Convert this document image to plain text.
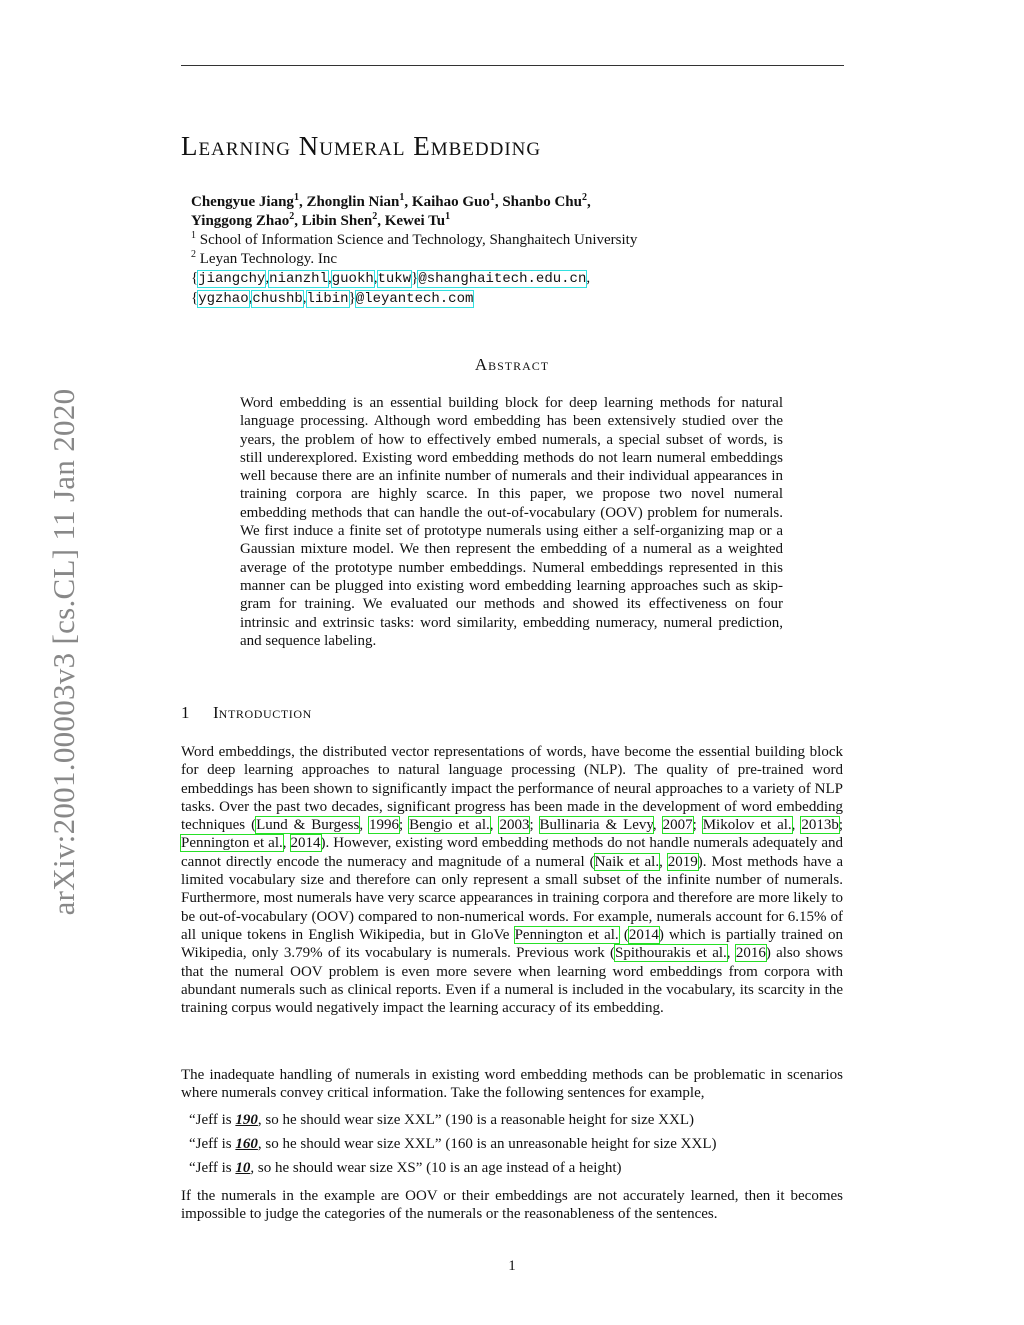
arXiv:2001.00003v3 [cs.CL] 11 Jan 2020
Learning Numeral Embedding
Chengyue Jiang$^1$, Zhonglin Nian$^1$, Kaihao Guo$^1$, Shanbo Chu$^2$,
Yinggong Zhao$^2$, Libin Shen$^2$, Kewei Tu$^1$
$^1$ School of Information Science and Technology, Shanghaitech University
$^2$ Leyan Technology. Inc
{jiangchy,nianzhl,guokh,tukw}@shanghaitech.edu.cn,
{ygzhao,chushb,libin}@leyantech.com
Abstract

Word embedding is an essential building block for deep learning methods for natural language processing. Although word embedding has been extensively studied over the years, the problem of how to effectively embed numerals, a special subset of words, is still underexplored. Existing word embedding methods do not learn numeral embeddings well because there are an infinite number of numerals and their individual appearances in training corpora are highly scarce. In this paper, we propose two novel numeral embedding methods that can handle the out-of-vocabulary (OOV) problem for numerals. We first induce a finite set of prototype numerals using either a self-organizing map or a Gaussian mixture model. We then represent the embedding of a numeral as a weighted average of the prototype number embeddings. Numeral embeddings represented in this manner can be plugged into existing word embedding learning approaches such as skip-gram for training. We evaluated our methods and showed its effectiveness on four intrinsic and extrinsic tasks: word similarity, embedding numeracy, numeral prediction, and sequence labeling.

1 Introduction

Word embeddings, the distributed vector representations of words, have become the essential building block for deep learning approaches to natural language processing (NLP). The quality of pre-trained word embeddings has been shown to significantly impact the performance of neural approaches to a variety of NLP tasks. Over the past two decades, significant progress has been made in the development of word embedding techniques (Lund & Burgess, 1996; Bengio et al., 2003; Bullinaria & Levy, 2007; Mikolov et al., 2013b; Pennington et al., 2014). However, existing word embedding methods do not handle numerals adequately and cannot directly encode the numeracy and magnitude of a numeral (Naik et al., 2019). Most methods have a limited vocabulary size and therefore can only represent a small subset of the infinite number of numerals. Furthermore, most numerals have very scarce appearances in training corpora and therefore are more likely to be out-of-vocabulary (OOV) compared to non-numerical words. For example, numerals account for 6.15% of all unique tokens in English Wikipedia, but in GloVe Pennington et al. (2014) which is partially trained on Wikipedia, only 3.79% of its vocabulary is numerals. Previous work (Spithourakis et al., 2016) also shows that the numeral OOV problem is even more severe when learning word embeddings from corpora with abundant numerals such as clinical reports. Even if a numeral is included in the vocabulary, its scarcity in the training corpus would negatively impact the learning accuracy of its embedding.

The inadequate handling of numerals in existing word embedding methods can be problematic in scenarios where numerals convey critical information. Take the following sentences for example,

“Jeff is 190, so he should wear size XXL” (190 is a reasonable height for size XXL)
“Jeff is 160, so he should wear size XXL” (160 is an unreasonable height for size XXL)
“Jeff is 10, so he should wear size XS” (10 is an age instead of a height)

If the numerals in the example are OOV or their embeddings are not accurately learned, then it becomes impossible to judge the categories of the numerals or the reasonableness of the sentences.

1
